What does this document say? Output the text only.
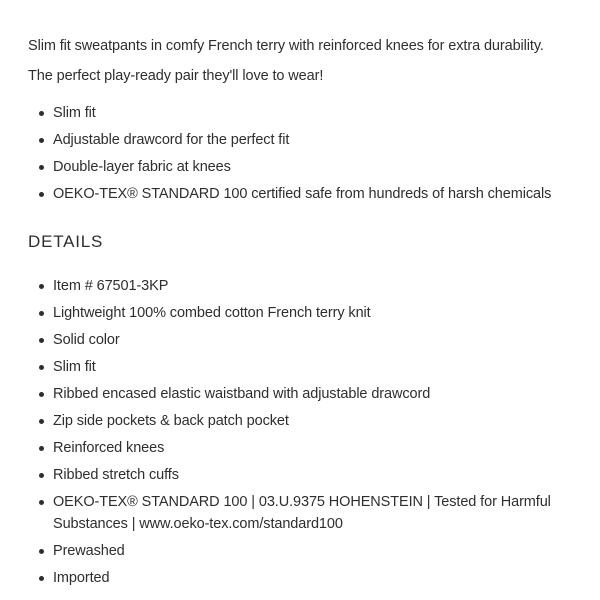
Slim fit sweatpants in comfy French terry with reinforced knees for extra durability. The perfect play-ready pair they'll love to wear!

Slim fit
Adjustable drawcord for the perfect fit
Double-layer fabric at knees
OEKO-TEX® STANDARD 100 certified safe from hundreds of harsh chemicals
DETAILS
Item # 67501-3KP
Lightweight 100% combed cotton French terry knit
Solid color
Slim fit
Ribbed encased elastic waistband with adjustable drawcord
Zip side pockets & back patch pocket
Reinforced knees
Ribbed stretch cuffs
OEKO-TEX® STANDARD 100 | 03.U.9375 HOHENSTEIN | Tested for Harmful Substances | www.oeko-tex.com/standard100
Prewashed
Imported
